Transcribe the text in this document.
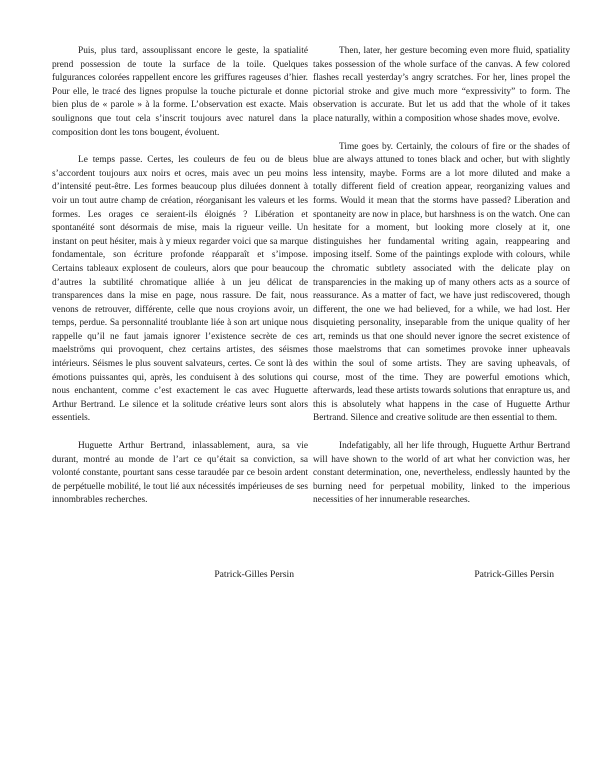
Puis, plus tard, assouplissant encore le geste, la spatialité prend possession de toute la surface de la toile. Quelques fulgurances colorées rappellent encore les griffures rageuses d’hier. Pour elle, le tracé des lignes propulse la touche picturale et donne bien plus de « parole » à la forme. L’observation est exacte. Mais soulignons que tout cela s’inscrit toujours avec naturel dans la composition dont les tons bougent, évoluent.

Le temps passe. Certes, les couleurs de feu ou de bleus s’accordent toujours aux noirs et ocres, mais avec un peu moins d’intensité peut-être. Les formes beaucoup plus diluées donnent à voir un tout autre champ de création, réorganisant les valeurs et les formes. Les orages ce seraient-ils éloignés ? Libération et spontanéité sont désormais de mise, mais la rigueur veille. Un instant on peut hésiter, mais à y mieux regarder voici que sa marque fondamentale, son écriture profonde réapparaît et s’impose. Certains tableaux explosent de couleurs, alors que pour beaucoup d’autres la subtilité chromatique alliée à un jeu délicat de transparences dans la mise en page, nous rassure. De fait, nous venons de retrouver, différente, celle que nous croyions avoir, un temps, perdue. Sa personnalité troublante liée à son art unique nous rappelle qu’il ne faut jamais ignorer l’existence secrète de ces maelströms qui provoquent, chez certains artistes, des séismes intérieurs. Séismes le plus souvent salvateurs, certes. Ce sont là des émotions puissantes qui, après, les conduisent à des solutions qui nous enchantent, comme c’est exactement le cas avec Huguette Arthur Bertrand. Le silence et la solitude créative leurs sont alors essentiels.

Huguette Arthur Bertrand, inlassablement, aura, sa vie durant, montré au monde de l’art ce qu’était sa conviction, sa volonté constante, pourtant sans cesse taraudée par ce besoin ardent de perpétuelle mobilité, le tout lié aux nécessités impérieuses de ses innombrables recherches.

Patrick-Gilles Persin

Then, later, her gesture becoming even more fluid, spatiality takes possession of the whole surface of the canvas. A few colored flashes recall yesterday’s angry scratches. For her, lines propel the pictorial stroke and give much more “expressivity” to form. The observation is accurate. But let us add that the whole of it takes place naturally, within a composition whose shades move, evolve.

Time goes by. Certainly, the colours of fire or the shades of blue are always attuned to tones black and ocher, but with slightly less intensity, maybe. Forms are a lot more diluted and make a totally different field of creation appear, reorganizing values and forms. Would it mean that the storms have passed? Liberation and spontaneity are now in place, but harshness is on the watch. One can hesitate for a moment, but looking more closely at it, one distinguishes her fundamental writing again, reappearing and imposing itself. Some of the paintings explode with colours, while the chromatic subtlety associated with the delicate play on transparencies in the making up of many others acts as a source of reassurance. As a matter of fact, we have just rediscovered, though different, the one we had believed, for a while, we had lost. Her disquieting personality, inseparable from the unique quality of her art, reminds us that one should never ignore the secret existence of those maelstroms that can sometimes provoke inner upheavals within the soul of some artists. They are saving upheavals, of course, most of the time. They are powerful emotions which, afterwards, lead these artists towards solutions that enrapture us, and this is absolutely what happens in the case of Huguette Arthur Bertrand. Silence and creative solitude are then essential to them.

Indefatigably, all her life through, Huguette Arthur Bertrand will have shown to the world of art what her conviction was, her constant determination, one, nevertheless, endlessly haunted by the burning need for perpetual mobility, linked to the imperious necessities of her innumerable researches.

Patrick-Gilles Persin
